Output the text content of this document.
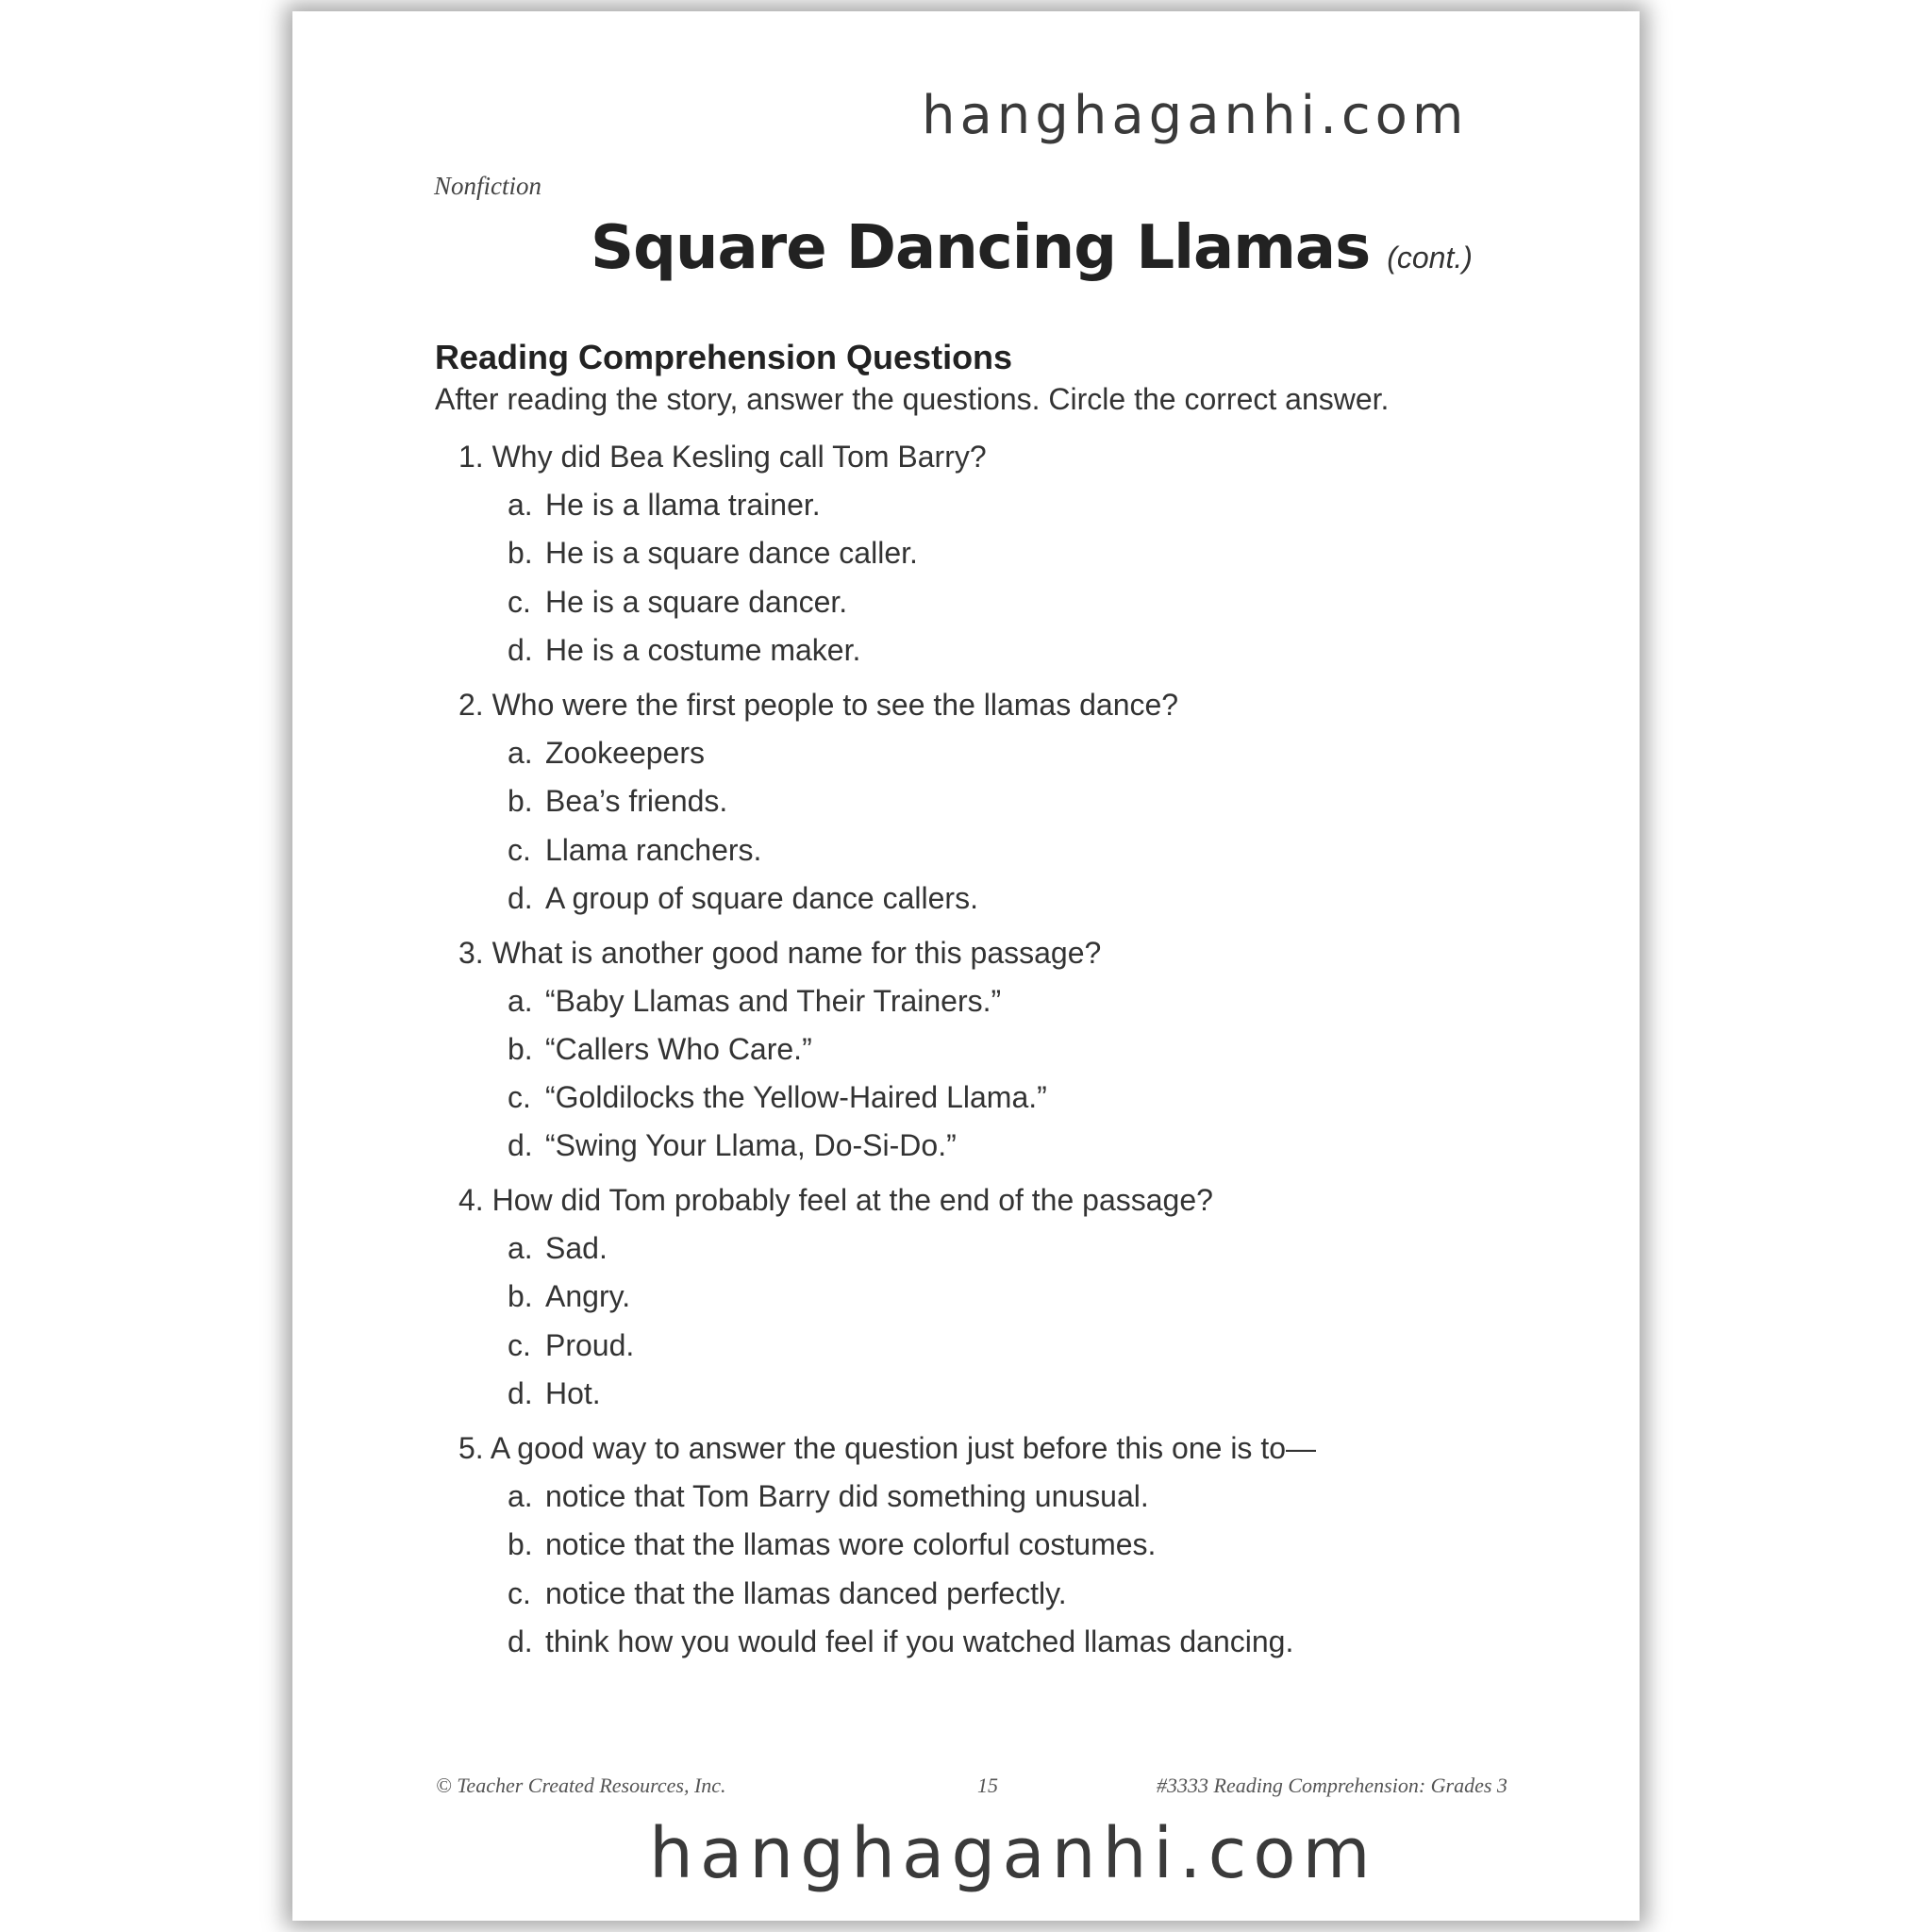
hanghaganhi.com
Nonfiction
Square Dancing Llamas (cont.)
Reading Comprehension Questions
After reading the story, answer the questions. Circle the correct answer.
1. Why did Bea Kesling call Tom Barry?
a. He is a llama trainer.
b. He is a square dance caller.
c. He is a square dancer.
d. He is a costume maker.
2. Who were the first people to see the llamas dance?
a. Zookeepers
b. Bea’s friends.
c. Llama ranchers.
d. A group of square dance callers.
3. What is another good name for this passage?
a. “Baby Llamas and Their Trainers.”
b. “Callers Who Care.”
c. “Goldilocks the Yellow-Haired Llama.”
d. “Swing Your Llama, Do-Si-Do.”
4. How did Tom probably feel at the end of the passage?
a. Sad.
b. Angry.
c. Proud.
d. Hot.
5. A good way to answer the question just before this one is to—
a. notice that Tom Barry did something unusual.
b. notice that the llamas wore colorful costumes.
c. notice that the llamas danced perfectly.
d. think how you would feel if you watched llamas dancing.
© Teacher Created Resources, Inc.	15	#3333 Reading Comprehension: Grades 3
hanghaganhi.com
